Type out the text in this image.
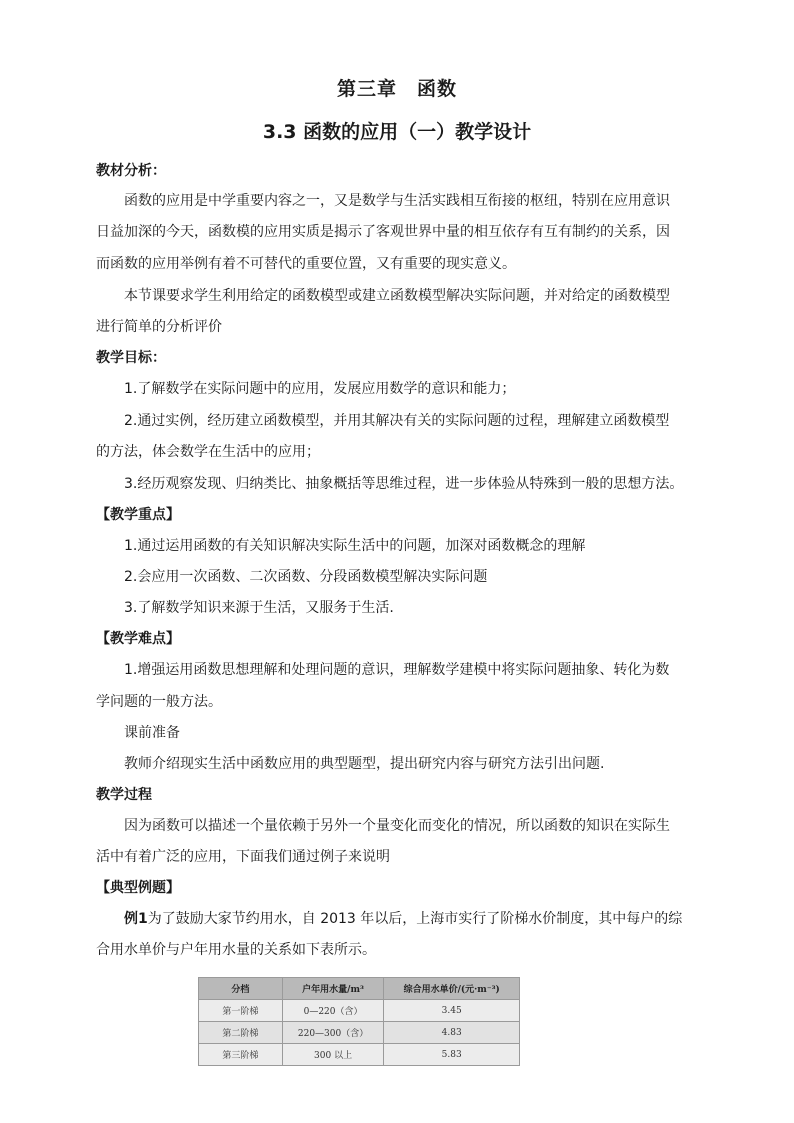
第三章　函数
3.3 函数的应用（一）教学设计
教材分析：
函数的应用是中学重要内容之一，又是数学与生活实践相互衔接的枢纽，特别在应用意识
日益加深的今天，函数模的应用实质是揭示了客观世界中量的相互依存有互有制约的关系，因
而函数的应用举例有着不可替代的重要位置，又有重要的现实意义。
本节课要求学生利用给定的函数模型或建立函数模型解决实际问题，并对给定的函数模型
进行简单的分析评价
教学目标：
1.了解数学在实际问题中的应用，发展应用数学的意识和能力；
2.通过实例，经历建立函数模型，并用其解决有关的实际问题的过程，理解建立函数模型
的方法，体会数学在生活中的应用；
3.经历观察发现、归纳类比、抽象概括等思维过程，进一步体验从特殊到一般的思想方法。
【教学重点】
1.通过运用函数的有关知识解决实际生活中的问题，加深对函数概念的理解
2.会应用一次函数、二次函数、分段函数模型解决实际问题
3.了解数学知识来源于生活，又服务于生活.
【教学难点】
1.增强运用函数思想理解和处理问题的意识，理解数学建模中将实际问题抽象、转化为数
学问题的一般方法。
课前准备
教师介绍现实生活中函数应用的典型题型，提出研究内容与研究方法引出问题.
教学过程
因为函数可以描述一个量依赖于另外一个量变化而变化的情况，所以函数的知识在实际生
活中有着广泛的应用，下面我们通过例子来说明
【典型例题】
例1为了鼓励大家节约用水，自 2013 年以后，上海市实行了阶梯水价制度，其中每户的综
合用水单价与户年用水量的关系如下表所示。
分档	户年用水量/m³	综合用水单价/(元·m⁻³)
第一阶梯	0—220（含）	3.45
第二阶梯	220—300（含）	4.83
第三阶梯	300 以上	5.83
